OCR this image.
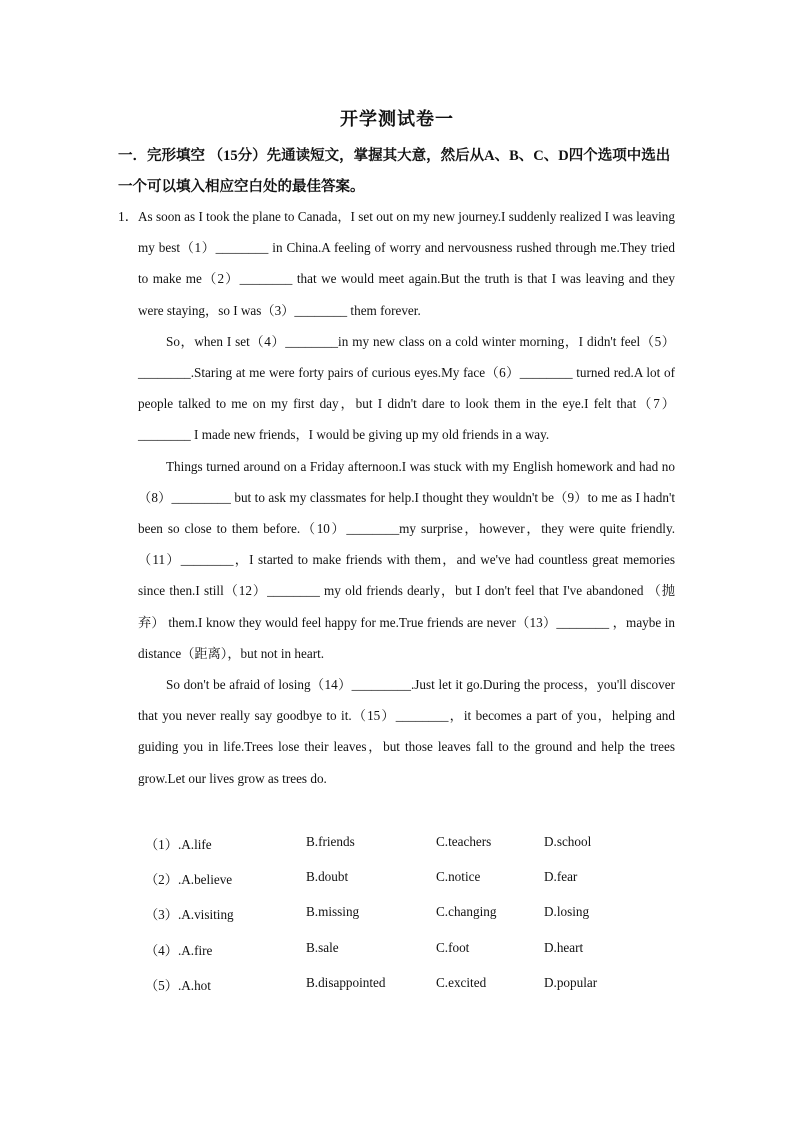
开学测试卷一
一．完形填空 （15分）先通读短文，掌握其大意，然后从A、B、C、D四个选项中选出一个可以填入相应空白处的最佳答案。
1． As soon as I took the plane to Canada，I set out on my new journey.I suddenly realized I was leaving my best（1）________ in China.A feeling of worry and nervousness rushed through me.They tried to make me（2）________ that we would meet again.But the truth is that I was leaving and they were staying，so I was（3）________ them forever.

So，when I set（4）________in my new class on a cold winter morning，I didn't feel（5）________.Staring at me were forty pairs of curious eyes.My face（6）________ turned red.A lot of people talked to me on my first day，but I didn't dare to look them in the eye.I felt that（7）________ I made new friends，I would be giving up my old friends in a way.

Things turned around on a Friday afternoon.I was stuck with my English homework and had no（8）_________ but to ask my classmates for help.I thought they wouldn't be（9）to me as I hadn't been so close to them before.（10）________my surprise，however，they were quite friendly.（11）________，I started to make friends with them，and we've had countless great memories since then.I still（12）________ my old friends dearly，but I don't feel that I've abandoned （抛弃） them.I know they would feel happy for me.True friends are never（13）________ ，maybe in distance（距离），but not in heart.

So don't be afraid of losing（14）_________.Just let it go.During the process，you'll discover that you never really say goodbye to it.（15）________，it becomes a part of you，helping and guiding you in life.Trees lose their leaves，but those leaves fall to the ground and help the trees grow.Let our lives grow as trees do.

（1）.A.life	B.friends	C.teachers	D.school
（2）.A.believe	B.doubt	C.notice	D.fear
（3）.A.visiting	B.missing	C.changing	D.losing
（4）.A.fire	B.sale	C.foot	D.heart
（5）.A.hot	B.disappointed	C.excited	D.popular
